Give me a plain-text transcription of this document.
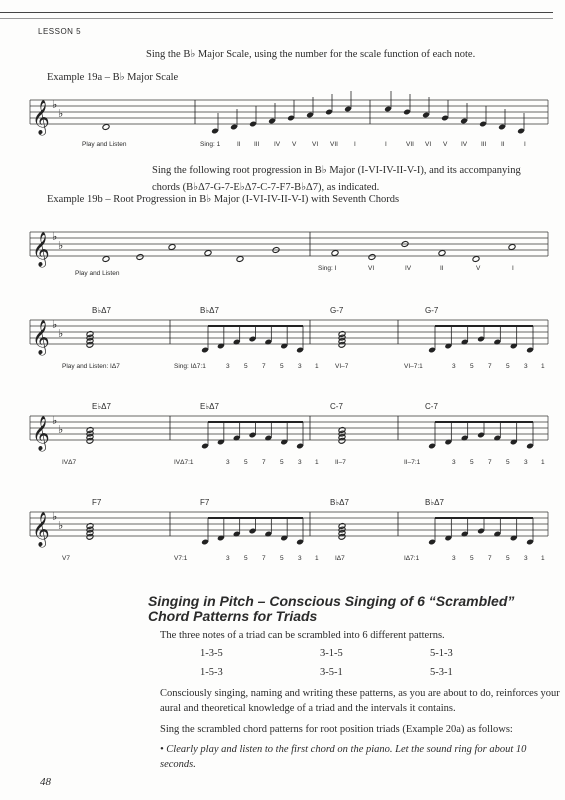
LESSON 5
Sing the B♭ Major Scale, using the number for the scale function of each note.
Example 19a – B♭ Major Scale
𝄞 ♭
♭
𝄞 ♭
♭
𝄞 ♭
♭
𝄞 ♭
♭
𝄞 ♭
♭
Play and Listen
Sing the following root progression in B♭ Major (I-VI-IV-II-V-I), and its accompanying chords (B♭Δ7-G-7-E♭Δ7-C-7-F7-B♭Δ7), as indicated.
Example 19b – Root Progression in B♭ Major (I-VI-IV-II-V-I) with Seventh Chords
Play and Listen
Singing in Pitch – Conscious Singing of 6 “Scrambled” Chord Patterns for Triads
The three notes of a triad can be scrambled into 6 different patterns.
1-3-5	3-1-5	5-1-3
1-5-3	3-5-1	5-3-1
Consciously singing, naming and writing these patterns, as you are about to do, reinforces your aural and theoretical knowledge of a triad and the intervals it contains.
Sing the scrambled chord patterns for root position triads (Example 20a) as follows:
• Clearly play and listen to the first chord on the piano. Let the sound ring for about 10 seconds.
48
Sing: 1	II III IV V VI VII I	I	VII VI V IV III II	I
Sing: I	VI	IV	II	V	I
B♭Δ7	B♭Δ7	G-7	G-7
Play and Listen: IΔ7	Sing: IΔ7:1	VI–7	VI–7:1
3 5 7 5 3 1	3 5 7 5 3 1
E♭Δ7	E♭Δ7	C-7	C-7
IVΔ7	IVΔ7:1	II–7	II–7:1
3 5 7 5 3 1	3 5 7 5 3 1
F7	F7	B♭Δ7	B♭Δ7
V7	V7:1	IΔ7	IΔ7:1
3 5 7 5 3 1	3 5 7 5 3 1
